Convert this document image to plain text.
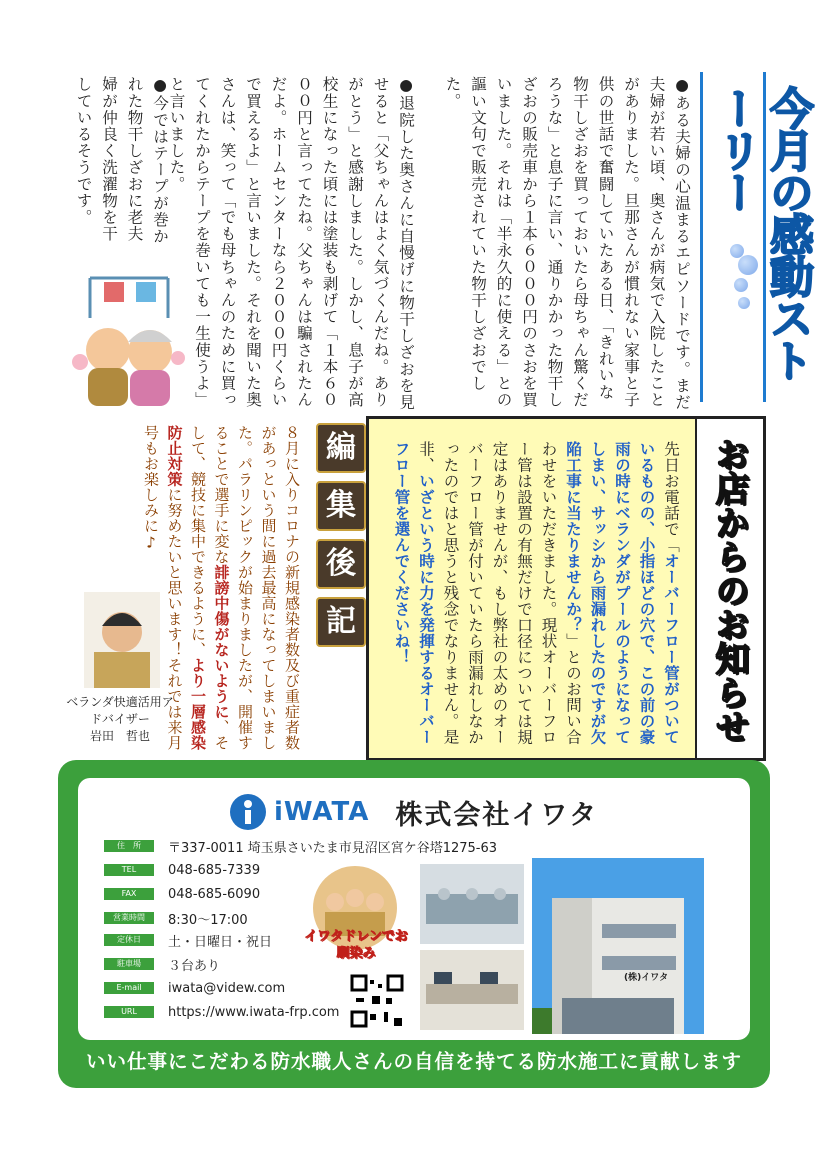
今月の感動ストーリー
●ある夫婦の心温まるエピソードです。まだ夫婦が若い頃、奥さんが病気で入院したことがありました。旦那さんが慣れない家事と子供の世話で奮闘していたある日、「きれいな物干しざおを買っておいたら母ちゃん驚くだろうな」と息子に言い、通りかかった物干しざおの販売車から１本６０００円のさおを買いました。それは「半永久的に使える」との謳い文句で販売されていた物干しざおでした。
●退院した奥さんに自慢げに物干しざおを見せると「父ちゃんはよく気づくんだね。ありがとう」と感謝しました。しかし、息子が高校生になった頃には塗装も剥げて「１本６０００円と言ってたね。父ちゃんは騙されたんだよ。ホームセンターなら２０００円くらいで買えるよ」と言いました。それを聞いた奥さんは、笑って「でも母ちゃんのために買ってくれたからテープを巻いても一生使うよ」と言いました。
●今ではテープが巻かれた物干しざおに老夫婦が仲良く洗濯物を干しているそうです。
お店からのお知らせ
先日お電話で「オーバーフロー管がついているものの、小指ほどの穴で、この前の豪雨の時にベランダがプールのようになってしまい、サッシから雨漏れしたのですが欠陥工事に当たりませんか？」とのお問い合わせをいただきました。現状オーバーフロー管は設置の有無だけで口径については規定はありませんが、もし弊社の太めのオーバーフロー管が付いていたら雨漏れしなかったのではと思うと残念でなりません。是非、いざという時に力を発揮するオーバーフロー管を選んでくださいね！
編
集
後
記
８月に入りコロナの新規感染者数及び重症者数があっという間に過去最高になってしまいました。パラリンピックが始まりましたが、開催することで選手に変な誹謗中傷がないように、そして、競技に集中できるように、より一層感染防止対策に努めたいと思います！それでは来月号もお楽しみに♪
ベランダ快適活用アドバイザー
岩田　哲也
iWATA 株式会社イワタ
住　所	〒337-0011 埼玉県さいたま市見沼区宮ケ谷塔1275-63
TEL	048-685-7339
FAX	048-685-6090
営業時間	8:30～17:00
定休日	土・日曜日・祝日
駐車場	３台あり
E-mail	iwata@videw.com
URL	https://www.iwata-frp.com
イワタドレンでお馴染み
(株)イワタ
いい仕事にこだわる防水職人さんの自信を持てる防水施工に貢献します
